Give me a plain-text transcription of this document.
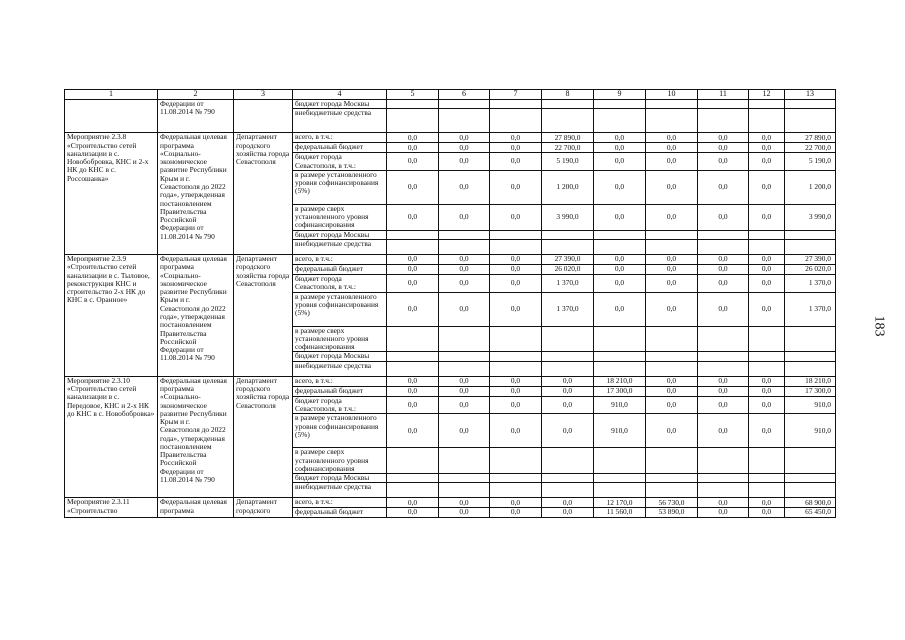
1	2	3	4	5	6	7	8	9	10	11	12	13
	Федерации от 11.08.2014 № 790		бюджет города Москвы									
			внебюджетные средства									
Мероприятие 2.3.8 «Строительство сетей канализации в с. Новобобровка, КНС и 2-х НК до КНС в с. Россошанка»	Федеральная целевая программа «Социально-экономическое развитие Республики Крым и г. Севастополя до 2022 года», утвержденная постановлением Правительства Российской Федерации от 11.08.2014 № 790	Департамент городского хозяйства города Севастополя	всего, в т.ч.:	0,0	0,0	0,0	27 890,0	0,0	0,0	0,0	0,0	27 890,0
			федеральный бюджет	0,0	0,0	0,0	22 700,0	0,0	0,0	0,0	0,0	22 700,0
			бюджет города Севастополя, в т.ч.:	0,0	0,0	0,0	5 190,0	0,0	0,0	0,0	0,0	5 190,0
			в размере установленного уровня софинансирования (5%)	0,0	0,0	0,0	1 200,0	0,0	0,0	0,0	0,0	1 200,0
			в размере сверх установленного уровня софинансирования	0,0	0,0	0,0	3 990,0	0,0	0,0	0,0	0,0	3 990,0
			бюджет города Москвы									
			внебюджетные средства									
Мероприятие 2.3.9 «Строительство сетей канализации в с. Тыловое, реконструкция КНС и строительство 2-х НК до КНС в с. Оранное»	Федеральная целевая программа «Социально-экономическое развитие Республики Крым и г. Севастополя до 2022 года», утвержденная постановлением Правительства Российской Федерации от 11.08.2014 № 790	Департамент городского хозяйства города Севастополя	всего, в т.ч.:	0,0	0,0	0,0	27 390,0	0,0	0,0	0,0	0,0	27 390,0
			федеральный бюджет	0,0	0,0	0,0	26 020,0	0,0	0,0	0,0	0,0	26 020,0
			бюджет города Севастополя, в т.ч.:	0,0	0,0	0,0	1 370,0	0,0	0,0	0,0	0,0	1 370,0
			в размере установленного уровня софинансирования (5%)	0,0	0,0	0,0	1 370,0	0,0	0,0	0,0	0,0	1 370,0
			в размере сверх установленного уровня софинансирования									
			бюджет города Москвы									
			внебюджетные средства									
Мероприятие 2.3.10 «Строительство сетей канализации в с. Передовое, КНС и 2-х НК до КНС в с. Новобобровка»	Федеральная целевая программа «Социально-экономическое развитие Республики Крым и г. Севастополя до 2022 года», утвержденная постановлением Правительства Российской Федерации от 11.08.2014 № 790	Департамент городского хозяйства города Севастополя	всего, в т.ч.:	0,0	0,0	0,0	0,0	18 210,0	0,0	0,0	0,0	18 210,0
			федеральный бюджет	0,0	0,0	0,0	0,0	17 300,0	0,0	0,0	0,0	17 300,0
			бюджет города Севастополя, в т.ч.:	0,0	0,0	0,0	0,0	910,0	0,0	0,0	0,0	910,0
			в размере установленного уровня софинансирования (5%)	0,0	0,0	0,0	0,0	910,0	0,0	0,0	0,0	910,0
			в размере сверх установленного уровня софинансирования									
			бюджет города Москвы									
			внебюджетные средства									
Мероприятие 2.3.11 «Строительство	Федеральная целевая программа	Департамент городского	всего, в т.ч.:	0,0	0,0	0,0	0,0	12 170,0	56 730,0	0,0	0,0	68 900,0
			федеральный бюджет	0,0	0,0	0,0	0,0	11 560,0	53 890,0	0,0	0,0	65 450,0
183
